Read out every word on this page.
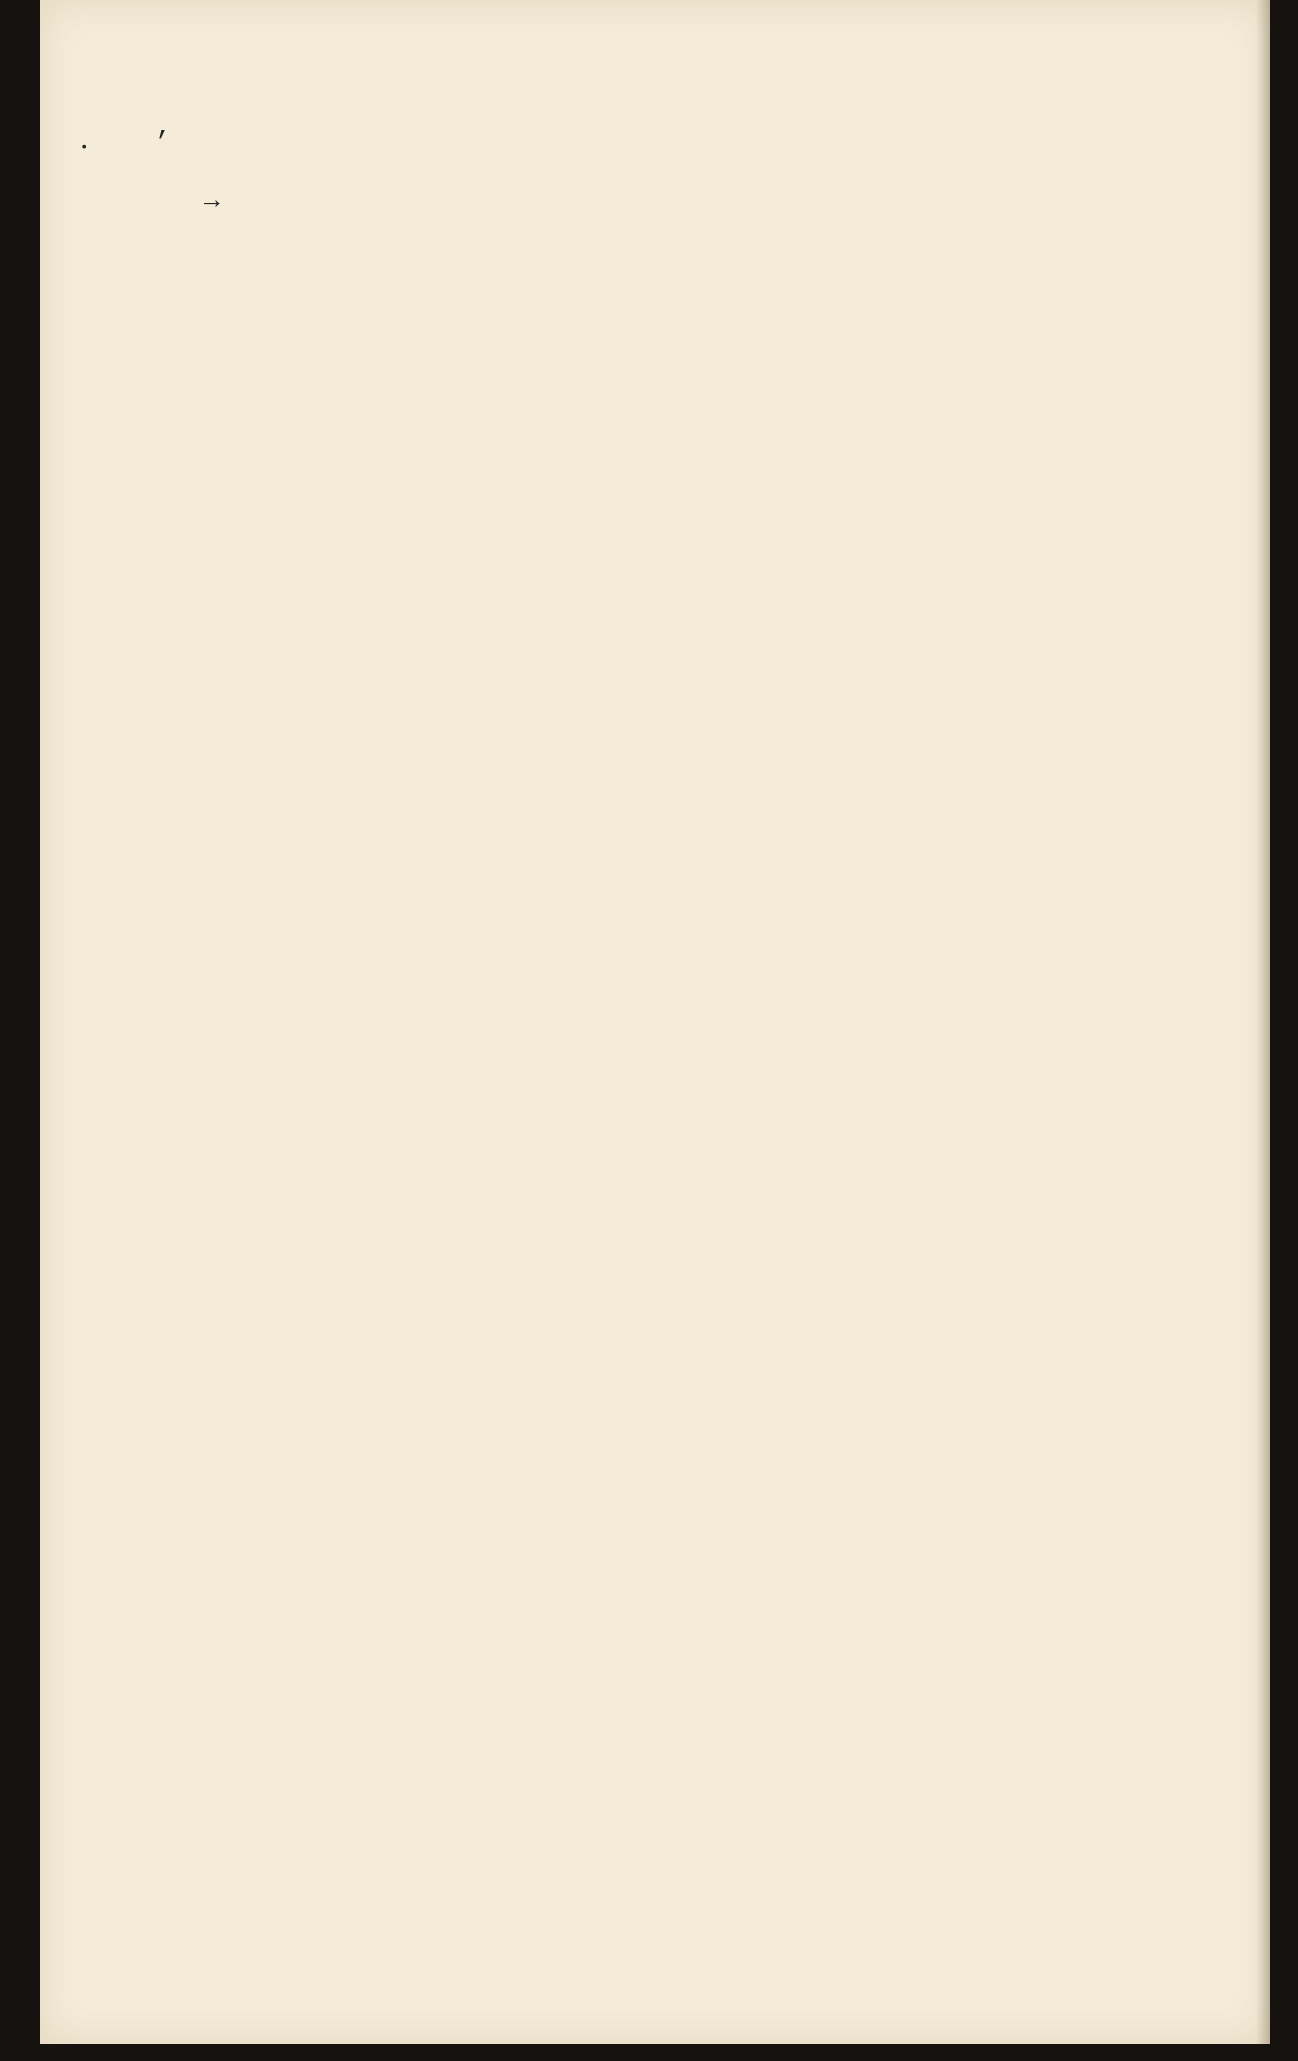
,
•
→
